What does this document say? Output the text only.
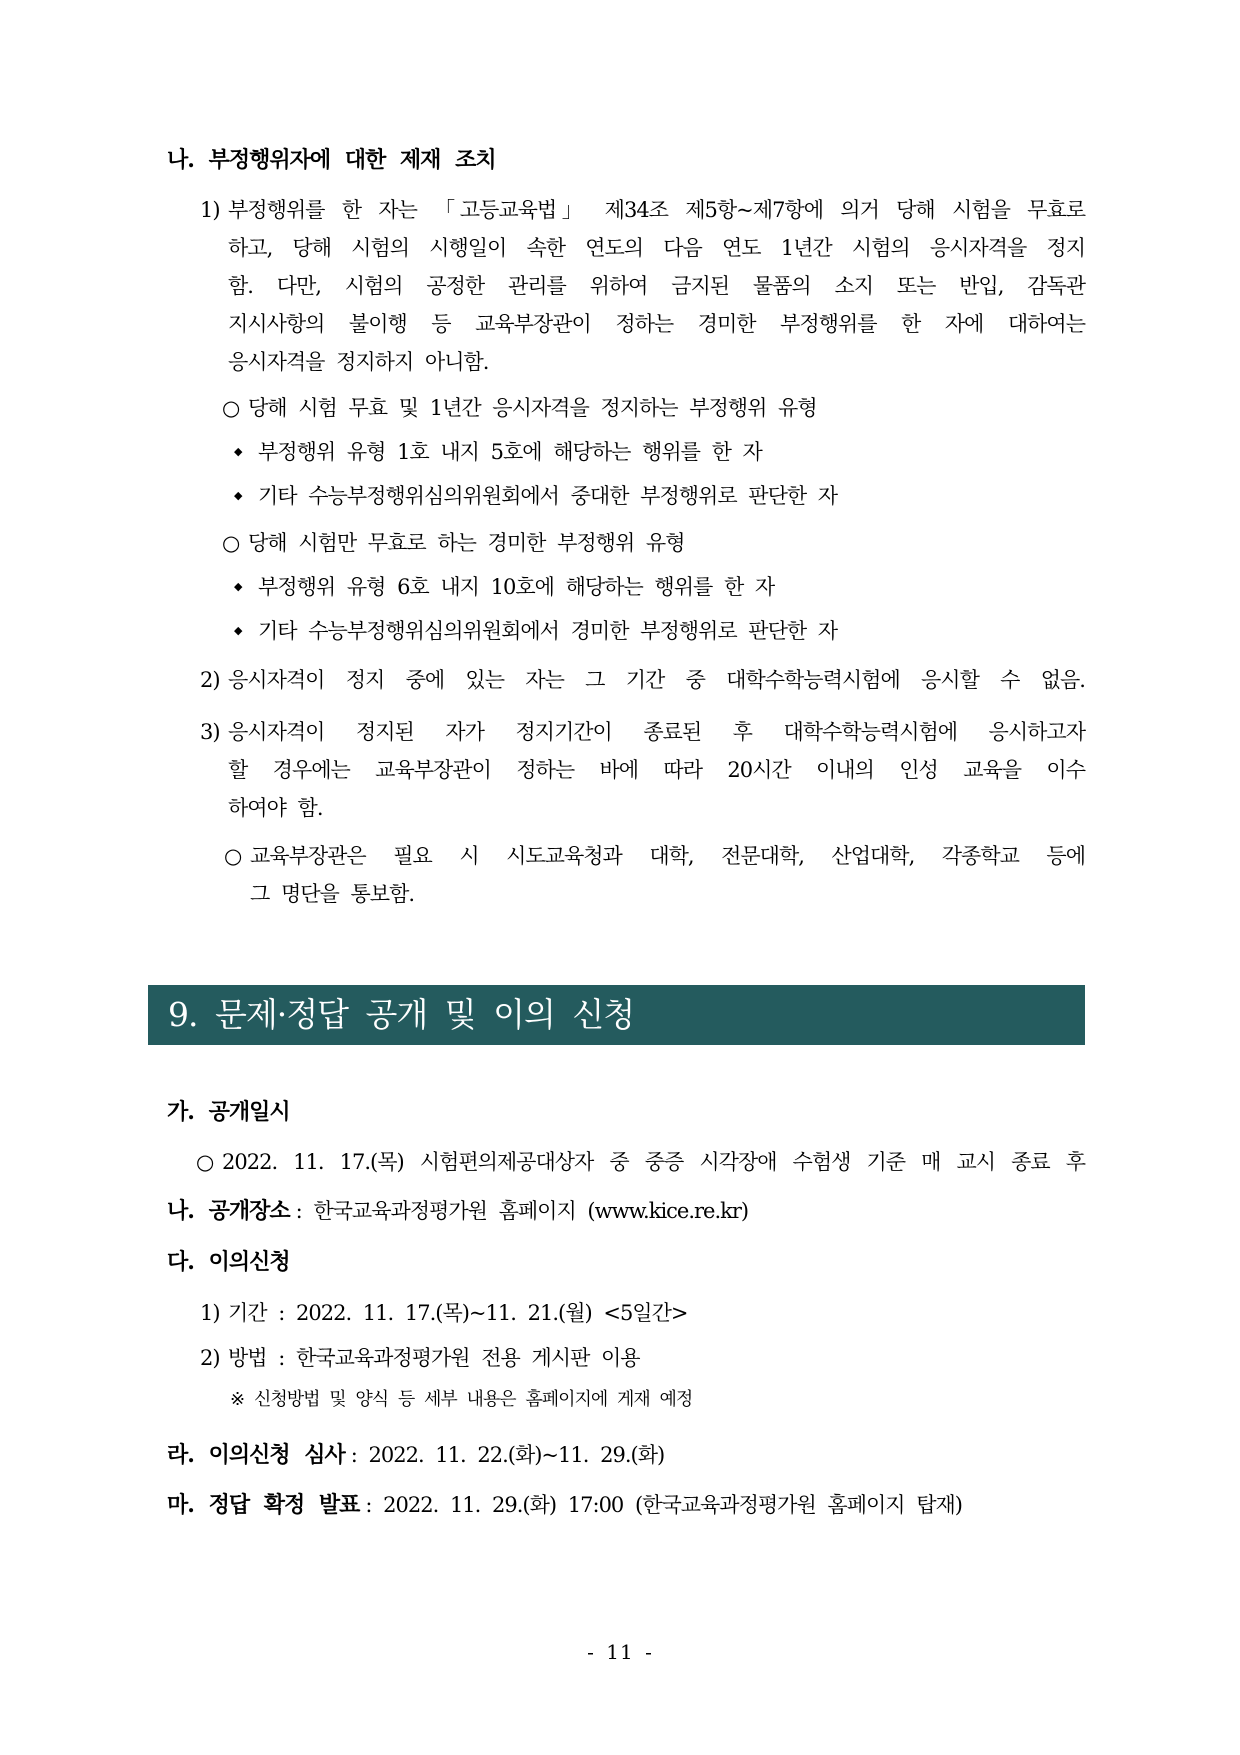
나. 부정행위자에 대한 제재 조치
1) 부정행위를 한 자는 「고등교육법」 제34조 제5항~제7항에 의거 당해 시험을 무효로
하고, 당해 시험의 시행일이 속한 연도의 다음 연도 1년간 시험의 응시자격을 정지
함. 다만, 시험의 공정한 관리를 위하여 금지된 물품의 소지 또는 반입, 감독관
지시사항의 불이행 등 교육부장관이 정하는 경미한 부정행위를 한 자에 대하여는
응시자격을 정지하지 아니함.
○ 당해 시험 무효 및 1년간 응시자격을 정지하는 부정행위 유형
◆ 부정행위 유형 1호 내지 5호에 해당하는 행위를 한 자
◆ 기타 수능부정행위심의위원회에서 중대한 부정행위로 판단한 자
○ 당해 시험만 무효로 하는 경미한 부정행위 유형
◆ 부정행위 유형 6호 내지 10호에 해당하는 행위를 한 자
◆ 기타 수능부정행위심의위원회에서 경미한 부정행위로 판단한 자
2) 응시자격이 정지 중에 있는 자는 그 기간 중 대학수학능력시험에 응시할 수 없음.
3) 응시자격이 정지된 자가 정지기간이 종료된 후 대학수학능력시험에 응시하고자
할 경우에는 교육부장관이 정하는 바에 따라 20시간 이내의 인성 교육을 이수
하여야 함.
○ 교육부장관은 필요 시 시도교육청과 대학, 전문대학, 산업대학, 각종학교 등에
그 명단을 통보함.
9. 문제·정답 공개 및 이의 신청
가. 공개일시
○ 2022. 11. 17.(목) 시험편의제공대상자 중 중증 시각장애 수험생 기준 매 교시 종료 후
나. 공개장소 : 한국교육과정평가원 홈페이지 (www.kice.re.kr)
다. 이의신청
1) 기간 : 2022. 11. 17.(목)~11. 21.(월) <5일간>
2) 방법 : 한국교육과정평가원 전용 게시판 이용
※ 신청방법 및 양식 등 세부 내용은 홈페이지에 게재 예정
라. 이의신청 심사 : 2022. 11. 22.(화)~11. 29.(화)
마. 정답 확정 발표 : 2022. 11. 29.(화) 17:00 (한국교육과정평가원 홈페이지 탑재)
- 11 -
